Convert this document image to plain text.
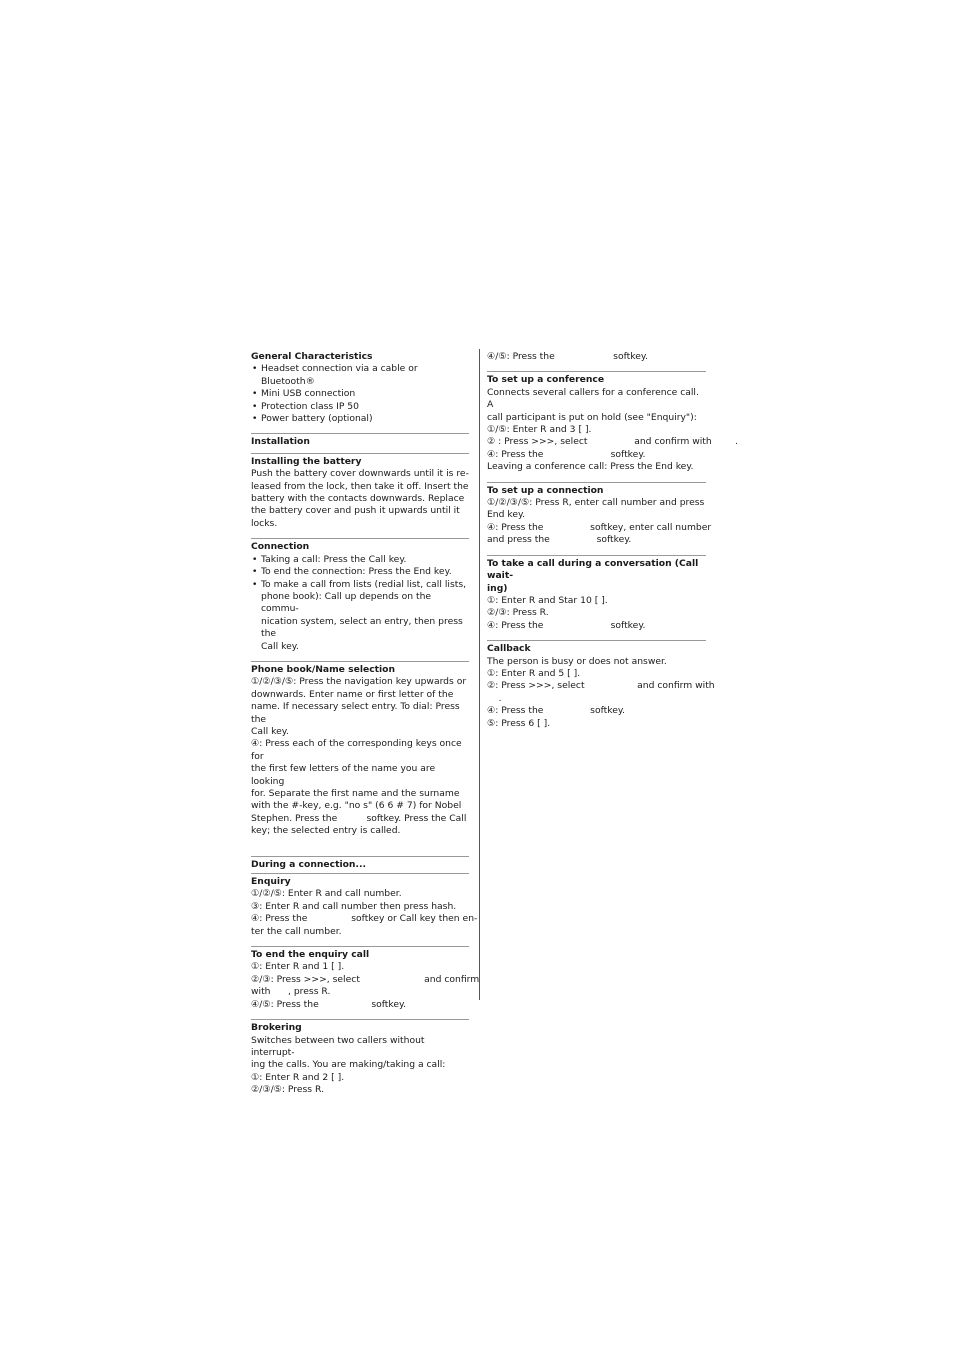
General Characteristics
• Headset connection via a cable or Bluetooth®
• Mini USB connection
• Protection class IP 50
• Power battery (optional)
Installation
Installing the battery

Push the battery cover downwards until it is re-

leased from the lock, then take it off. Insert the

battery with the contacts downwards. Replace

the battery cover and push it upwards until it

locks.

Connection
• Taking a call: Press the Call key.
• To end the connection: Press the End key.
• To make a call from lists (redial list, call lists,
phone book): Call up depends on the commu-
nication system, select an entry, then press the
Call key.
Phone book/Name selection

①/②/③/⑤: Press the navigation key upwards or

downwards. Enter name or first letter of the

name. If necessary select entry. To dial: Press the

Call key.

④: Press each of the corresponding keys once for

the first few letters of the name you are looking

for. Separate the first name and the surname

with the #-key, e.g. "no s" (6 6 # 7) for Nobel

Stephen. Press the          softkey. Press the Call

key; the selected entry is called.

During a connection...
Enquiry

①/②/⑤: Enter R and call number.

③: Enter R and call number then press hash.

④: Press the               softkey or Call key then en-

ter the call number.

To end the enquiry call

①: Enter R and 1 [ ].

②/③: Press >>>, select                      and confirm

with      , press R.

④/⑤: Press the                  softkey.

Brokering

Switches between two callers without interrupt-

ing the calls. You are making/taking a call:

①: Enter R and 2 [ ].

②/③/⑤: Press R.

④/⑤: Press the                    softkey.

To set up a conference

Connects several callers for a conference call. A

call participant is put on hold (see "Enquiry"):

①/⑤: Enter R and 3 [ ].

② : Press >>>, select                and confirm with        .

④: Press the                       softkey.

Leaving a conference call: Press the End key.

To set up a connection

①/②/③/⑤: Press R, enter call number and press

End key.

④: Press the                softkey, enter call number

and press the                softkey.

To take a call during a conversation (Call wait-
ing)

①: Enter R and Star 10 [ ].

②/③: Press R.

④: Press the                       softkey.

Callback

The person is busy or does not answer.

①: Enter R and 5 [ ].

②: Press >>>, select                  and confirm with

.

④: Press the                softkey.

⑤: Press 6 [ ].
